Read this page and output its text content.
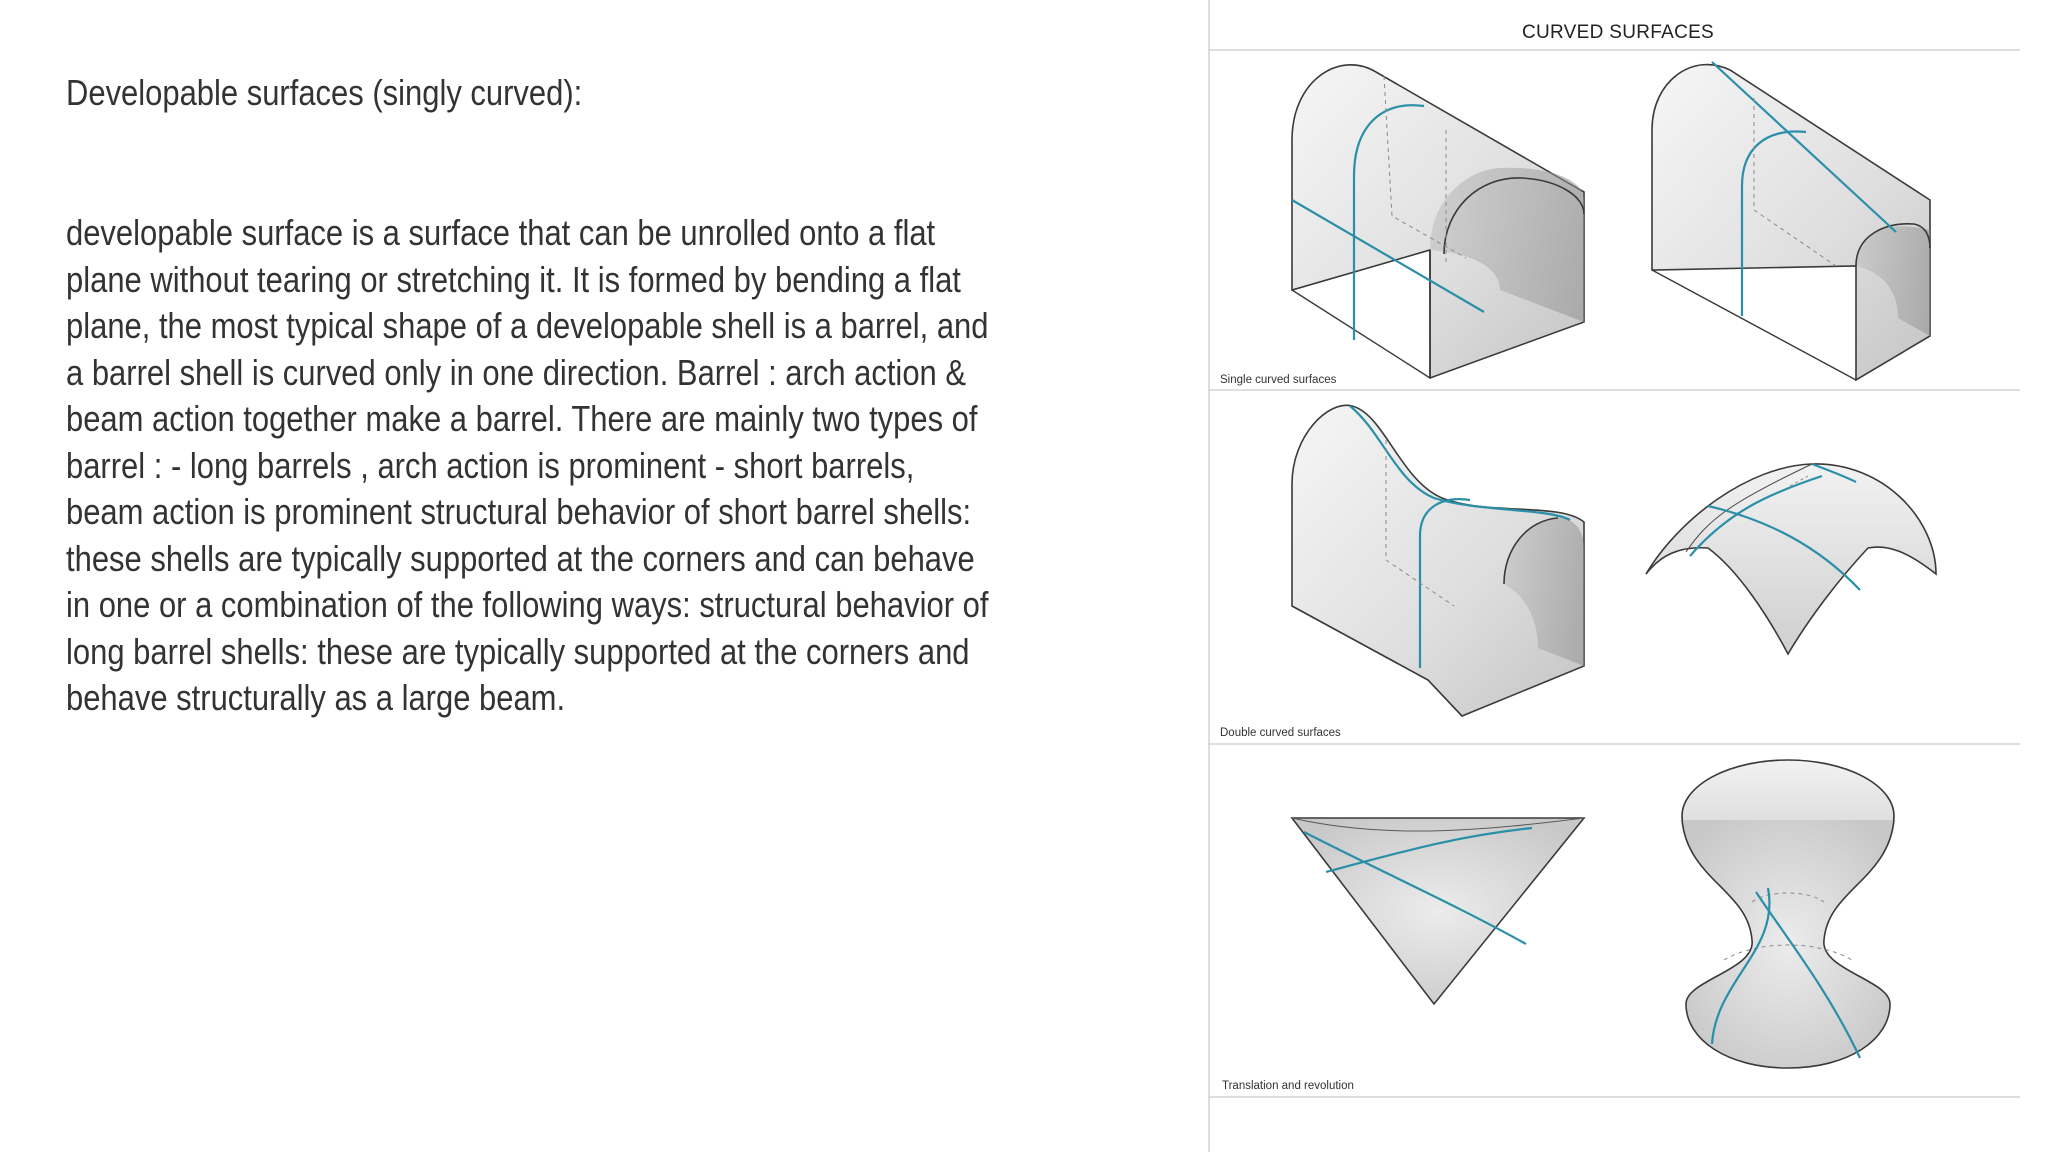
Developable surfaces (singly curved):
developable surface is a surface that can be unrolled onto a flat
plane without tearing or stretching it. It is formed by bending a flat
plane, the most typical shape of a developable shell is a barrel, and
a barrel shell is curved only in one direction. Barrel : arch action &
beam action together make a barrel. There are mainly two types of
barrel : - long barrels , arch action is prominent - short barrels,
beam action is prominent structural behavior of short barrel shells:
these shells are typically supported at the corners and can behave
in one or a combination of the following ways: structural behavior of
long barrel shells: these are typically supported at the corners and
behave structurally as a large beam.
CURVED SURFACES
Single curved surfaces
Double curved surfaces
Translation and revolution
